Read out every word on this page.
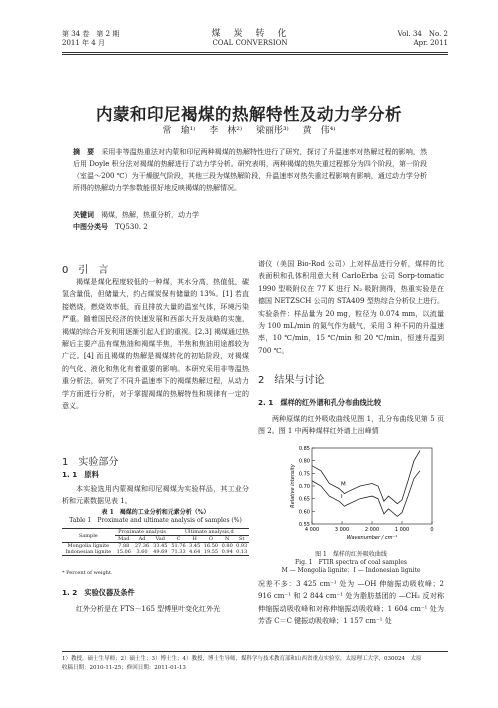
第 34 卷　第 2 期
2011 年 4 月
煤　炭　转　化
COAL CONVERSION
Vol. 34　No. 2
Apr. 2011
内蒙和印尼褐煤的热解特性及动力学分析
常　瑜¹⁾　 李　林²⁾　 梁丽彤³⁾　 黄　伟⁴⁾
摘　要　 采用非等温热重法对内蒙和印尼两种褐煤的热解特性进行了研究，探讨了升温速率对热解过程的影响，然后用 Doyle 积分法对褐煤的热解进行了动力学分析。研究表明，两种褐煤的热失重过程都分为四个阶段，第一阶段（室温～200 ℃）为干燥脱气阶段，其他三段为煤热解阶段，升温速率对热失重过程影响有影响，通过动力学分析所得的热解动力学参数能很好地反映褐煤的热解情况。
关键词　 褐煤，热解，热重分析，动力学
中图分类号　 TQ530. 2
0　引　言
褐煤是煤化程度较低的一种煤，其水分高，热值低，碳氢含量低，但储量大，约占煤炭保有储量的 13%。[1] 若直接燃烧，燃烧效率低，而且排放大量的温室气体，环境污染严重。随着国民经济的快速发展和西部大开发战略的实施，褐煤的综合开发利用逐渐引起人们的重视。[2,3] 褐煤通过热解后主要产品有煤焦油和褐煤半焦，半焦和焦油用途都较为广泛。[4] 而且褐煤的热解是褐煤转化的初始阶段，对褐煤的气化、液化和焦化有着重要的影响。本研究采用非等温热重分析法，研究了不同升温速率下的褐煤热解过程，从动力学方面进行分析，对于掌握褐煤的热解特性和规律有一定的意义。
1　实验部分
1. 1　原料
本实验选用内蒙褐煤和印尼褐煤为实验样品，其工业分析和元素数据见表 1。
表 1　褐煤的工业分析和元素分析（%）
Table 1　Proximate and ultimate analysis of samples (%)
Sample	Proximate analysis			Ultimate analysis,d				
	Mad	Ad	Vad	C	H	O	N	St
Mongolia lignite	7.88	27.36	33.45	51.76	3.45	16.50	0.80	0.93
Indonesian lignite	15.06	3.60	49.69	71.33	4.64	19.55	0.94	0.13
* Percent of weight.
1. 2　实验仪器及条件
红外分析是在 FTS－165 型傅里叶变化红外光
谱仪（美国 Bio-Rod 公司）上对样品进行分析，煤样的比表面积和孔体积用意大利 CarloErba 公司 Sorp-tomatic 1990 型吸附仪在 77 K 进行 N₂ 吸附测得，热重实验是在德国 NETZSCH 公司的 STA409 型热综合分析仪上进行。实验条件：样品量为 20 mg，粒径为 0.074 mm，以流量为 100 mL/min 的氮气作为载气，采用 3 种不同的升温速率，10 ℃/min，15 ℃/min 和 20 ℃/min，恒速升温到 700 ℃。
2　结果与讨论
2. 1　煤样的红外谱和孔分布曲线比较
两种原煤的红外吸收曲线见图 1，孔分布曲线见第 5 页图 2。图 1 中两种煤样红外谱上出峰情
0.55
0.60
0.65
0.70
0.75
0.80
0.85
4 000	3 000	2 000	1 000	0
Wavenumber / cm⁻¹
Relative intensity	M
I
图 1　煤样的红外吸收曲线
Fig. 1　FTIR spectra of coal samples
M — Mongolia lignite；I — Indonesian lignite
况差不多：3 425 cm⁻¹ 处为 —OH 伸缩振动吸收峰；2 916 cm⁻¹ 和 2 844 cm⁻¹ 处为脂肪基团的 —CH₂ 反对称伸缩振动吸收峰和对称伸缩振动吸收峰；1 604 cm⁻¹ 处为芳香 C＝C 键振动吸收峰；1 157 cm⁻¹ 处
1）教授，硕士生导师；2）硕士生；3）博士生；4）教授，博士生导师，煤科学与技术教育部和山西省重点实验室，太原理工大学，030024　太原
收稿日期：2010-11-25；修回日期：2011-01-13
